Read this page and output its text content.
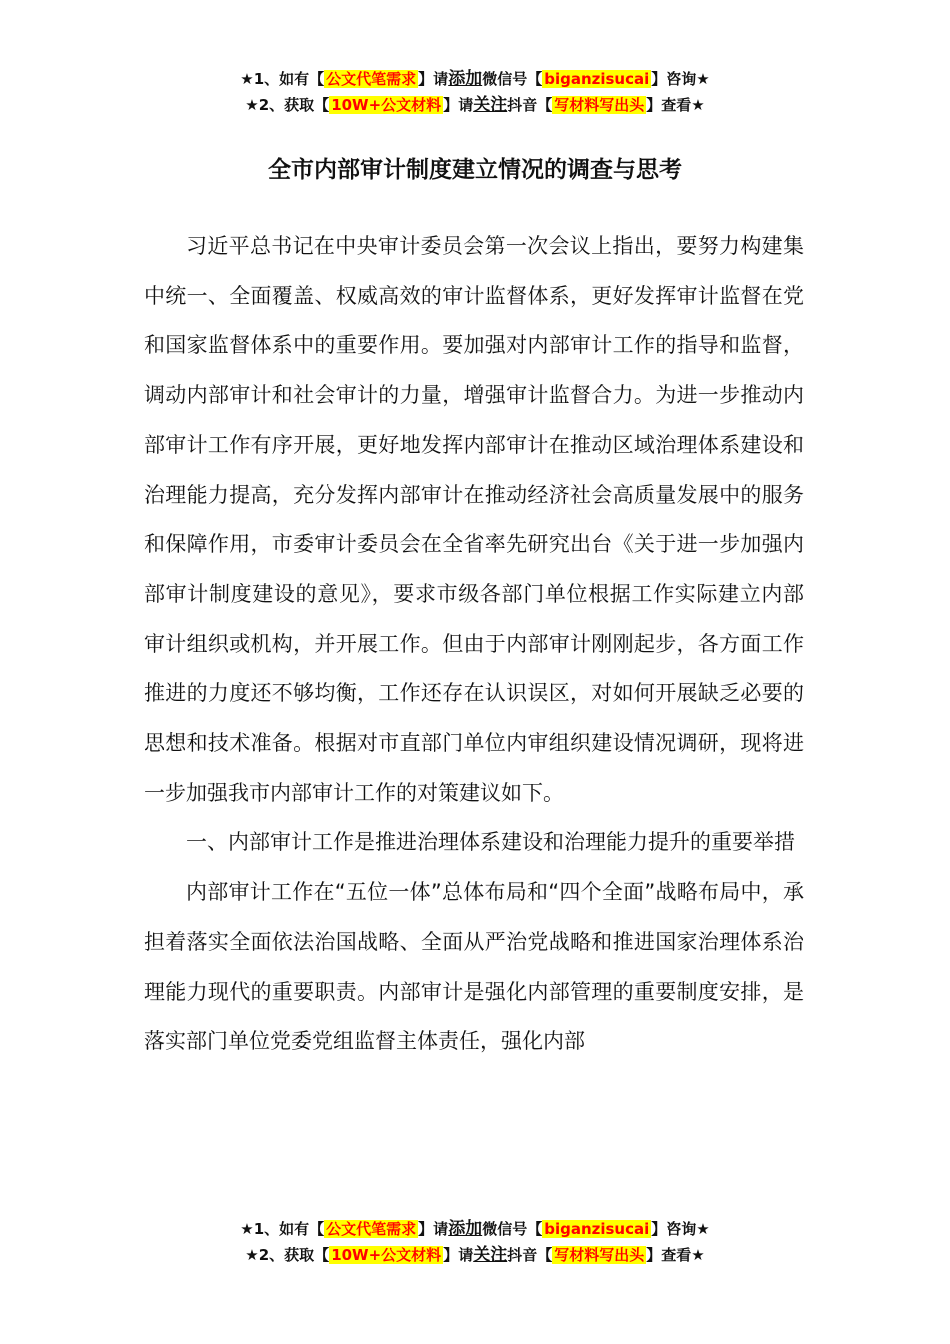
★1、如有【 公文代笔需求 】请添加微信号【 biganzisucai 】咨询★
★2、获取【 10W+公文材料 】请关注抖音【 写材料写出头 】查看★
全市内部审计制度建立情况的调查与思考

习近平总书记在中央审计委员会第一次会议上指出，要努力构建集中统一、全面覆盖、权威高效的审计监督体系，更好发挥审计监督在党和国家监督体系中的重要作用。要加强对内部审计工作的指导和监督，调动内部审计和社会审计的力量，增强审计监督合力。为进一步推动内部审计工作有序开展，更好地发挥内部审计在推动区域治理体系建设和治理能力提高，充分发挥内部审计在推动经济社会高质量发展中的服务和保障作用，市委审计委员会在全省率先研究出台《关于进一步加强内部审计制度建设的意见》，要求市级各部门单位根据工作实际建立内部审计组织或机构，并开展工作。但由于内部审计刚刚起步，各方面工作推进的力度还不够均衡，工作还存在认识误区，对如何开展缺乏必要的思想和技术准备。根据对市直部门单位内审组织建设情况调研，现将进一步加强我市内部审计工作的对策建议如下。

一、内部审计工作是推进治理体系建设和治理能力提升的重要举措

内部审计工作在“五位一体”总体布局和“四个全面”战略布局中，承担着落实全面依法治国战略、全面从严治党战略和推进国家治理体系治理能力现代的重要职责。内部审计是强化内部管理的重要制度安排，是落实部门单位党委党组监督主体责任，强化内部

★1、如有【 公文代笔需求 】请添加微信号【 biganzisucai 】咨询★
★2、获取【 10W+公文材料 】请关注抖音【 写材料写出头 】查看★
